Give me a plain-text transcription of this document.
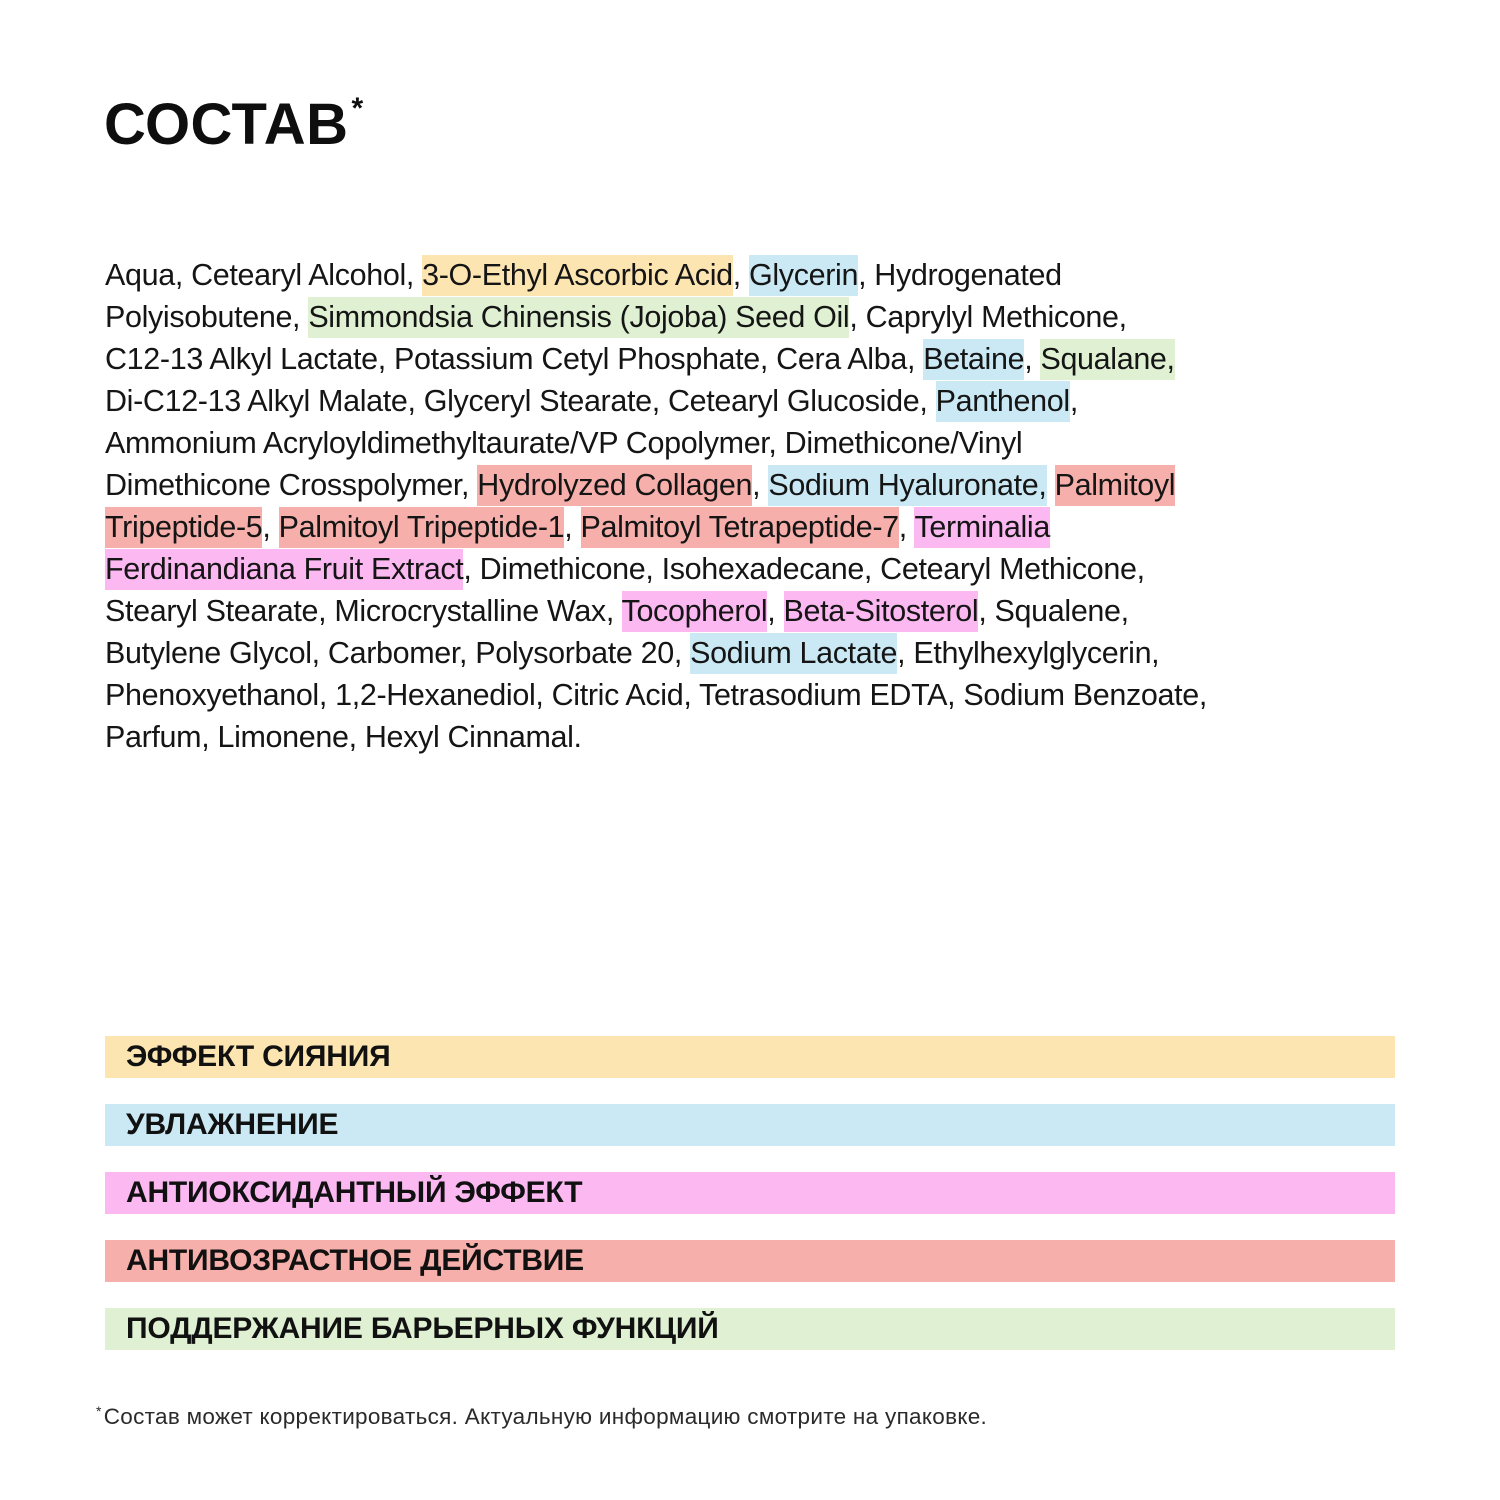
СОСТАВ *
Aqua, Cetearyl Alcohol, 3-O-Ethyl Ascorbic Acid, Glycerin, Hydrogenated
Polyisobutene, Simmondsia Chinensis (Jojoba) Seed Oil, Caprylyl Methicone,
C12-13 Alkyl Lactate, Potassium Cetyl Phosphate, Cera Alba, Betaine, Squalane,
Di-C12-13 Alkyl Malate, Glyceryl Stearate, Cetearyl Glucoside, Panthenol,
Ammonium Acryloyldimethyltaurate/VP Copolymer, Dimethicone/Vinyl
Dimethicone Crosspolymer, Hydrolyzed Collagen, Sodium Hyaluronate, Palmitoyl
Tripeptide-5, Palmitoyl Tripeptide-1, Palmitoyl Tetrapeptide-7, Terminalia
Ferdinandiana Fruit Extract, Dimethicone, Isohexadecane, Cetearyl Methicone,
Stearyl Stearate, Microcrystalline Wax, Tocopherol, Beta-Sitosterol, Squalene,
Butylene Glycol, Carbomer, Polysorbate 20, Sodium Lactate, Ethylhexylglycerin,
Phenoxyethanol, 1,2-Hexanediol, Citric Acid, Tetrasodium EDTA, Sodium Benzoate,
Parfum, Limonene, Hexyl Cinnamal.
ЭФФЕКТ СИЯНИЯ
УВЛАЖНЕНИЕ
АНТИОКСИДАНТНЫЙ ЭФФЕКТ
АНТИВОЗРАСТНОЕ ДЕЙСТВИЕ
ПОДДЕРЖАНИЕ БАРЬЕРНЫХ ФУНКЦИЙ
*Состав может корректироваться. Актуальную информацию смотрите на упаковке.
